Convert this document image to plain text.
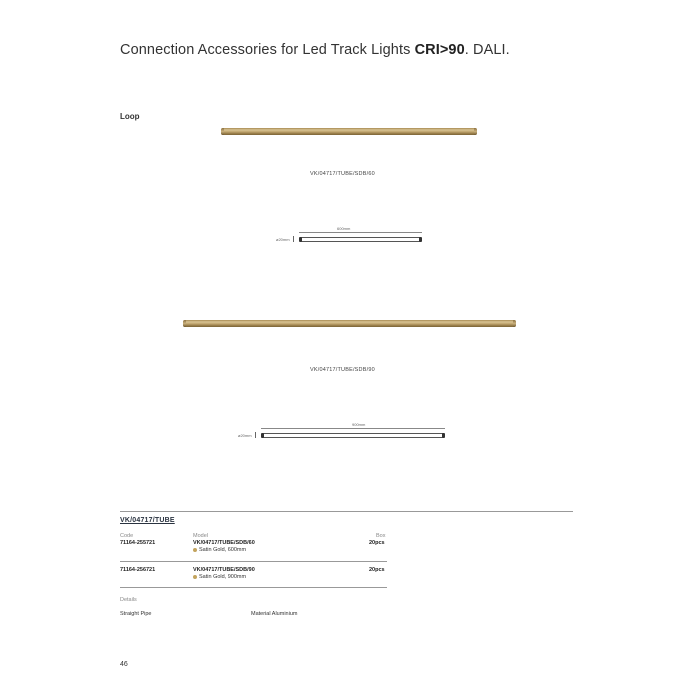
Connection Accessories for Led Track Lights CRI>90. DALI.
Loop
VK/04717/TUBE/SDB/60
600mm
ø20mm
VK/04717/TUBE/SDB/90
900mm
ø20mm
VK/04717/TUBE
Code	Model	Box
71164-255721	VK/04717/TUBE/SDB/60	20pcs
Satin Gold, 600mm
71164-256721	VK/04717/TUBE/SDB/90	20pcs
Satin Gold, 900mm
Details
Straight Pipe	Material Aluminium
46
